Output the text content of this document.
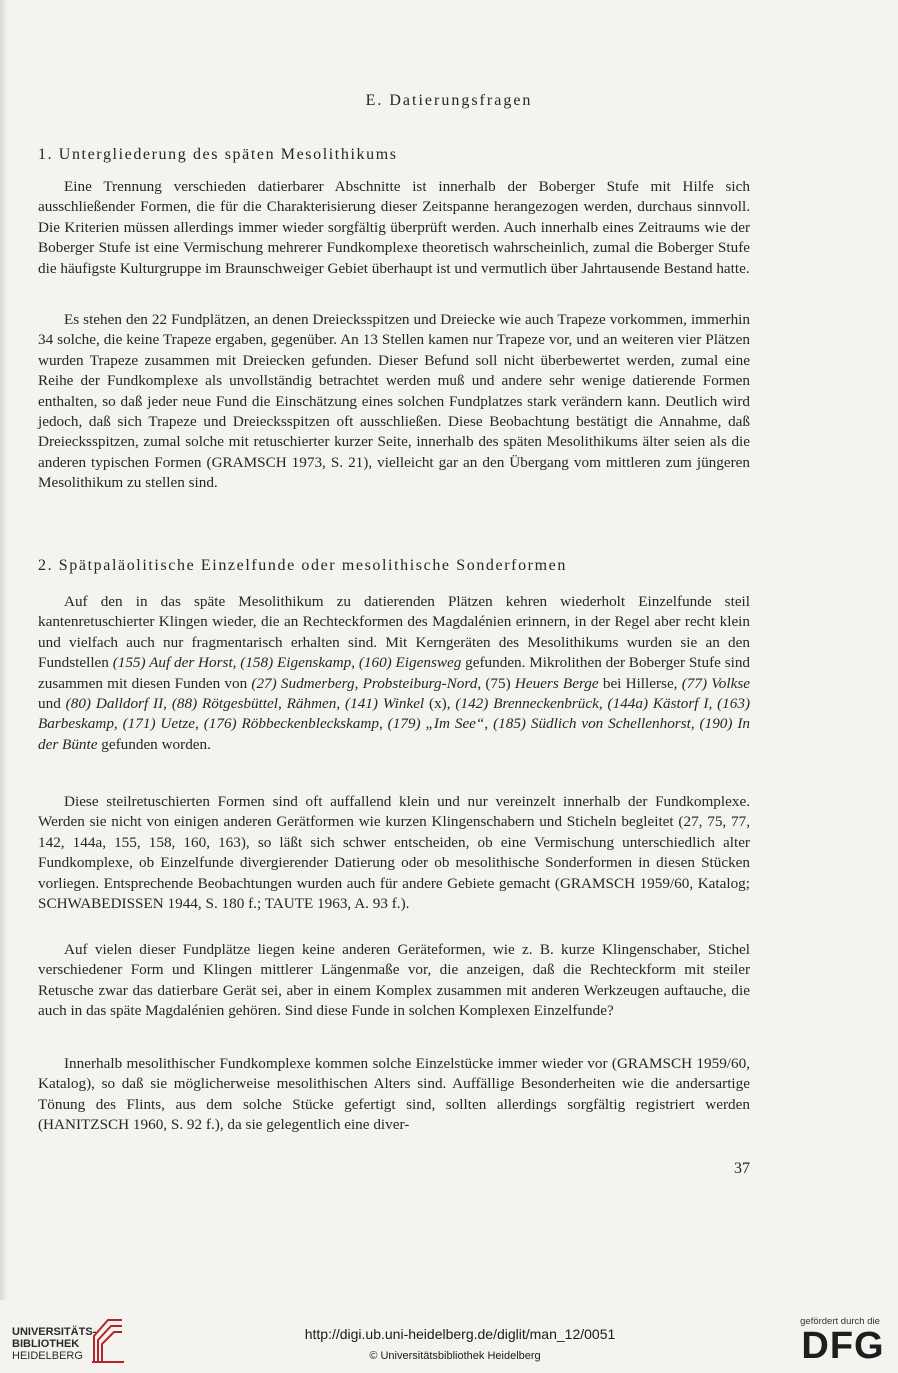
E. Datierungsfragen
1. Untergliederung des späten Mesolithikums

Eine Trennung verschieden datierbarer Abschnitte ist innerhalb der Boberger Stufe mit Hilfe sich ausschließender Formen, die für die Charakterisierung dieser Zeitspanne herangezogen werden, durchaus sinnvoll. Die Kriterien müssen allerdings immer wieder sorgfältig überprüft werden. Auch innerhalb eines Zeitraums wie der Boberger Stufe ist eine Vermischung mehrerer Fundkomplexe theoretisch wahrscheinlich, zumal die Boberger Stufe die häufigste Kulturgruppe im Braunschweiger Gebiet überhaupt ist und vermutlich über Jahrtausende Bestand hatte.

Es stehen den 22 Fundplätzen, an denen Dreiecksspitzen und Dreiecke wie auch Trapeze vorkommen, immerhin 34 solche, die keine Trapeze ergaben, gegenüber. An 13 Stellen kamen nur Trapeze vor, und an weiteren vier Plätzen wurden Trapeze zusammen mit Dreiecken gefunden. Dieser Befund soll nicht überbewertet werden, zumal eine Reihe der Fundkomplexe als unvollständig betrachtet werden muß und andere sehr wenige datierende Formen enthalten, so daß jeder neue Fund die Einschätzung eines solchen Fundplatzes stark verändern kann. Deutlich wird jedoch, daß sich Trapeze und Dreiecksspitzen oft ausschließen. Diese Beobachtung bestätigt die Annahme, daß Dreiecksspitzen, zumal solche mit retuschierter kurzer Seite, innerhalb des späten Mesolithikums älter seien als die anderen typischen Formen (GRAMSCH 1973, S. 21), vielleicht gar an den Übergang vom mittleren zum jüngeren Mesolithikum zu stellen sind.

2. Spätpaläolitische Einzelfunde oder mesolithische Sonderformen

Auf den in das späte Mesolithikum zu datierenden Plätzen kehren wiederholt Einzelfunde steil kantenretuschierter Klingen wieder, die an Rechteckformen des Magdalénien erinnern, in der Regel aber recht klein und vielfach auch nur fragmentarisch erhalten sind. Mit Kerngeräten des Mesolithikums wurden sie an den Fundstellen (155) Auf der Horst, (158) Eigenskamp, (160) Eigensweg gefunden. Mikrolithen der Boberger Stufe sind zusammen mit diesen Funden von (27) Sudmerberg, Probsteiburg-Nord, (75) Heuers Berge bei Hillerse, (77) Volkse und (80) Dalldorf II, (88) Rötgesbüttel, Rähmen, (141) Winkel (x), (142) Brenneckenbrück, (144a) Kästorf I, (163) Barbeskamp, (171) Uetze, (176) Röbbeckenbleckskamp, (179) „Im See“, (185) Südlich von Schellenhorst, (190) In der Bünte gefunden worden.

Diese steilretuschierten Formen sind oft auffallend klein und nur vereinzelt innerhalb der Fundkomplexe. Werden sie nicht von einigen anderen Gerätformen wie kurzen Klingenschabern und Sticheln begleitet (27, 75, 77, 142, 144a, 155, 158, 160, 163), so läßt sich schwer entscheiden, ob eine Vermischung unterschiedlich alter Fundkomplexe, ob Einzelfunde divergierender Datierung oder ob mesolithische Sonderformen in diesen Stücken vorliegen. Entsprechende Beobachtungen wurden auch für andere Gebiete gemacht (GRAMSCH 1959/60, Katalog; SCHWABEDISSEN 1944, S. 180 f.; TAUTE 1963, A. 93 f.).

Auf vielen dieser Fundplätze liegen keine anderen Geräteformen, wie z. B. kurze Klingenschaber, Stichel verschiedener Form und Klingen mittlerer Längenmaße vor, die anzeigen, daß die Rechteckform mit steiler Retusche zwar das datierbare Gerät sei, aber in einem Komplex zusammen mit anderen Werkzeugen auftauche, die auch in das späte Magdalénien gehören. Sind diese Funde in solchen Komplexen Einzelfunde?

Innerhalb mesolithischer Fundkomplexe kommen solche Einzelstücke immer wieder vor (GRAMSCH 1959/60, Katalog), so daß sie möglicherweise mesolithischen Alters sind. Auffällige Besonderheiten wie die andersartige Tönung des Flints, aus dem solche Stücke gefertigt sind, sollten allerdings sorgfältig registriert werden (HANITZSCH 1960, S. 92 f.), da sie gelegentlich eine diver-

37
UNIVERSITÄTS-
BIBLIOTHEK
HEIDELBERG
http://digi.ub.uni-heidelberg.de/diglit/man_12/0051
© Universitätsbibliothek Heidelberg
gefördert durch die
DFG
